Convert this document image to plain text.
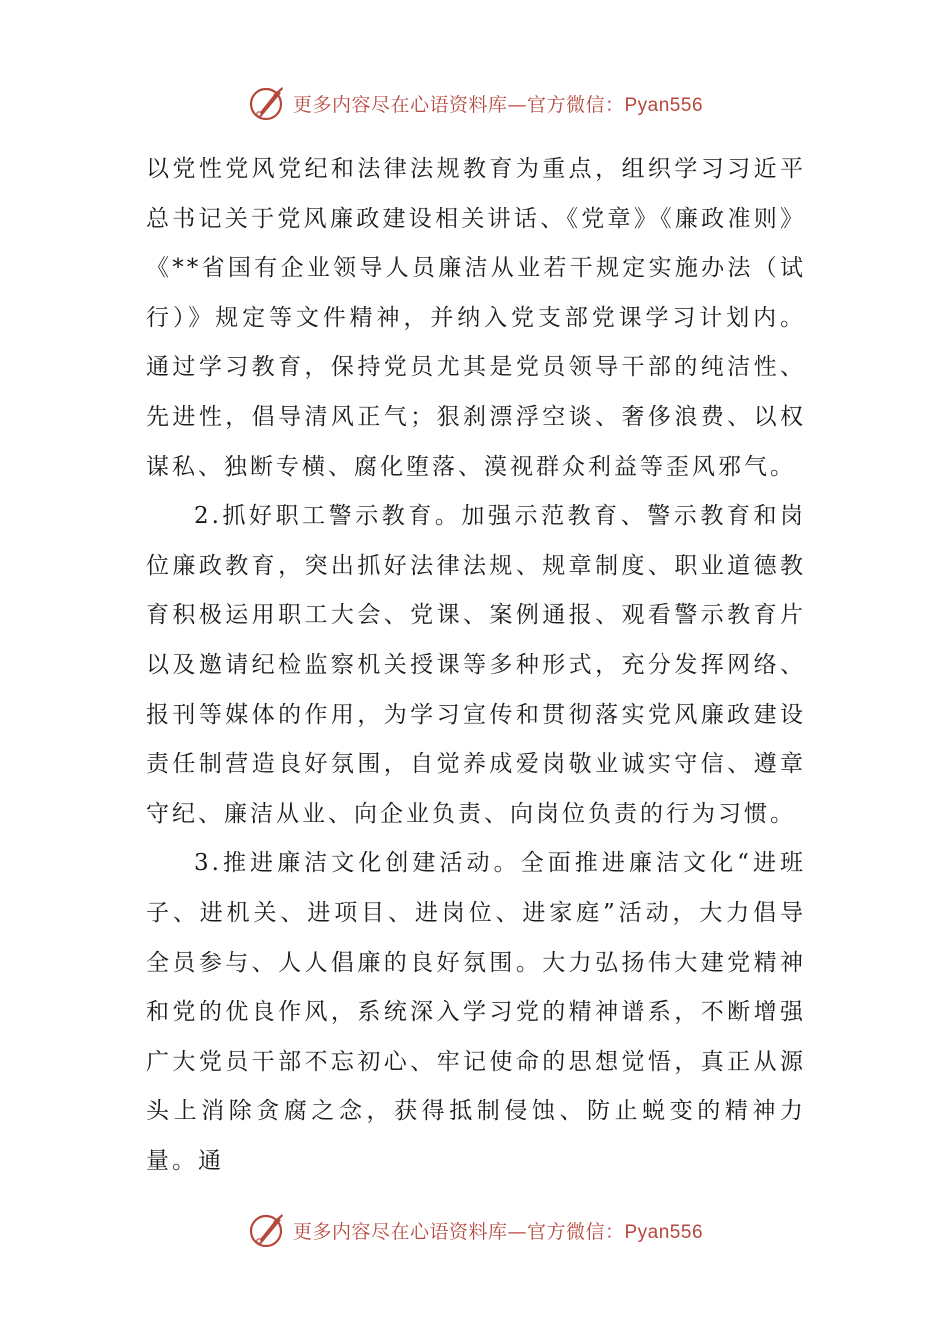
更多内容尽在心语资料库—官方微信：Pyan556

以党性党风党纪和法律法规教育为重点，组织学习习近平总书记关于党风廉政建设相关讲话、《党章》《廉政准则》《**省国有企业领导人员廉洁从业若干规定实施办法（试行）》规定等文件精神，并纳入党支部党课学习计划内。通过学习教育，保持党员尤其是党员领导干部的纯洁性、先进性，倡导清风正气；狠刹漂浮空谈、奢侈浪费、以权谋私、独断专横、腐化堕落、漠视群众利益等歪风邪气。

2.抓好职工警示教育。加强示范教育、警示教育和岗位廉政教育，突出抓好法律法规、规章制度、职业道德教育积极运用职工大会、党课、案例通报、观看警示教育片以及邀请纪检监察机关授课等多种形式，充分发挥网络、报刊等媒体的作用，为学习宣传和贯彻落实党风廉政建设责任制营造良好氛围，自觉养成爱岗敬业诚实守信、遵章守纪、廉洁从业、向企业负责、向岗位负责的行为习惯。

3.推进廉洁文化创建活动。全面推进廉洁文化“进班子、进机关、进项目、进岗位、进家庭”活动，大力倡导全员参与、人人倡廉的良好氛围。大力弘扬伟大建党精神和党的优良作风，系统深入学习党的精神谱系，不断增强广大党员干部不忘初心、牢记使命的思想觉悟，真正从源头上消除贪腐之念，获得抵制侵蚀、防止蜕变的精神力量。通

更多内容尽在心语资料库—官方微信：Pyan556
